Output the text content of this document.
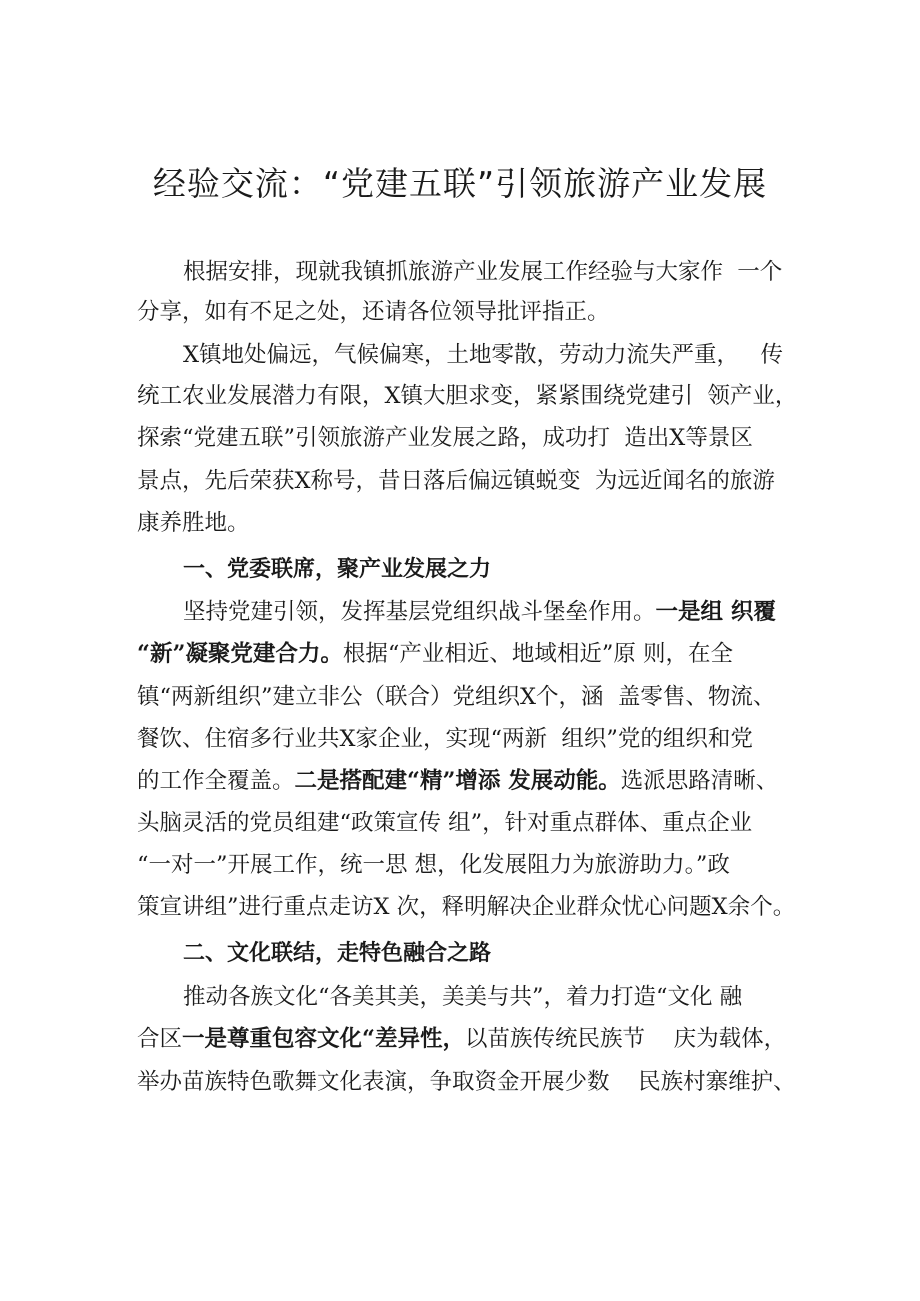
经验交流：“党建五联”引领旅游产业发展
根据安排，现就我镇抓旅游产业发展工作经验与大家作  一个
分享，如有不足之处，还请各位领导批评指正。
X镇地处偏远，气候偏寒，土地零散，劳动力流失严重，   传
统工农业发展潜力有限，X镇大胆求变，紧紧围绕党建引  领产业，
探索“党建五联”引领旅游产业发展之路，成功打  造出X等景区
景点，先后荣获X称号，昔日落后偏远镇蜕变  为远近闻名的旅游
康养胜地。
一、党委联席，聚产业发展之力
坚持党建引领，发挥基层党组织战斗堡垒作用。一是组 织覆
“新”凝聚党建合力。根据“产业相近、地域相近”原 则，在全
镇“两新组织”建立非公（联合）党组织X个，涵  盖零售、物流、
餐饮、住宿多行业共X家企业，实现“两新  组织”党的组织和党
的工作全覆盖。二是搭配建“精”增添 发展动能。选派思路清晰、
头脑灵活的党员组建“政策宣传 组”，针对重点群体、重点企业
“一对一”开展工作，统一思 想，化发展阻力为旅游助力。”政
策宣讲组”进行重点走访X 次，释明解决企业群众忧心问题X余个。
二、文化联结，走特色融合之路
推动各族文化“各美其美，美美与共”，着力打造“文化 融
合区一是尊重包容文化“差异性，以苗族传统民族节    庆为载体，
举办苗族特色歌舞文化表演，争取资金开展少数    民族村寨维护、
